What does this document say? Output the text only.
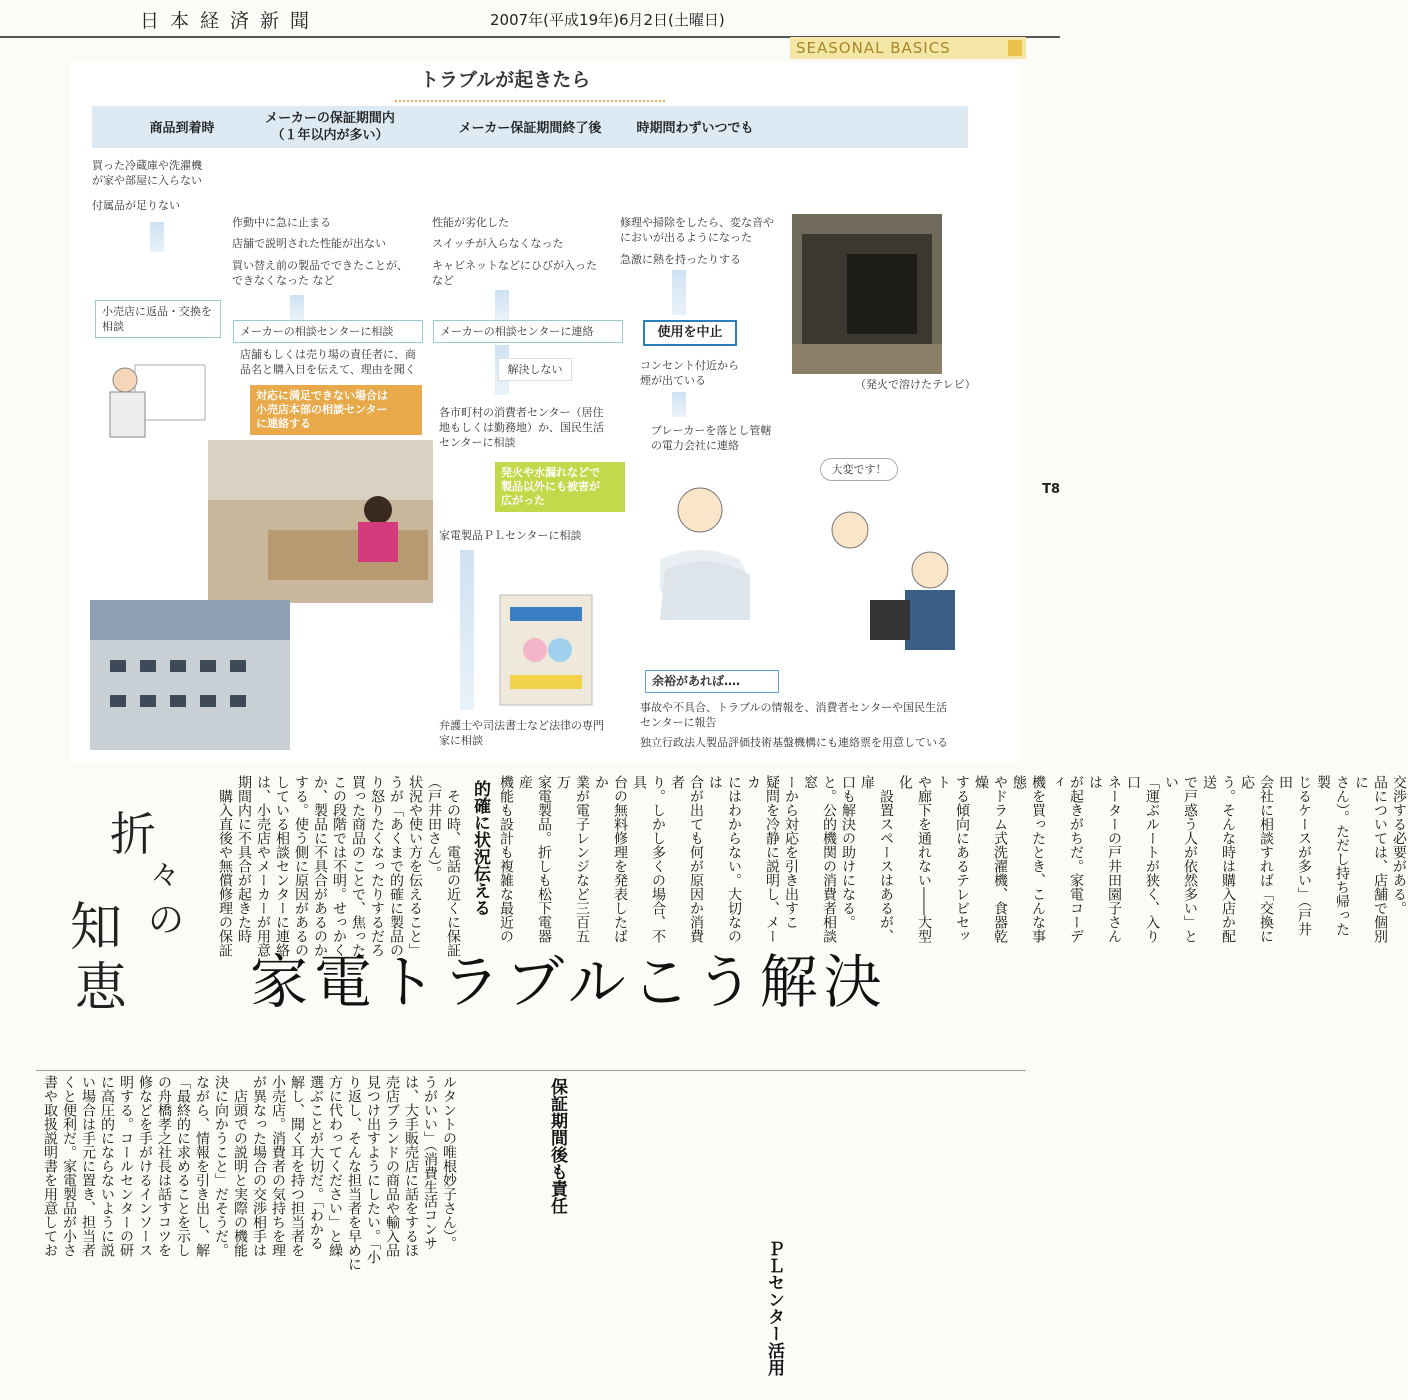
日本経済新聞	2007年(平成19年)6月2日(土曜日)
SEASONAL BASICS
トラブルが起きたら
商品到着時
メーカーの保証期間内
（１年以内が多い）	メーカー保証期間終了後	時期問わずいつでも
買った冷蔵庫や洗濯機
が家や部屋に入らない
付属品が足りない
小売店に返品・交換を
相談
作動中に急に止まる
店舗で説明された性能が出ない
買い替え前の製品でできたことが、
できなくなった など
メーカーの相談センターに相談
店舗もしくは売り場の責任者に、商
品名と購入日を伝えて、理由を聞く
対応に満足できない場合は
小売店本部の相談センター
に連絡する
性能が劣化した
スイッチが入らなくなった
キャビネットなどにひびが入った
など
メーカーの相談センターに連絡
解決しない
各市町村の消費者センター（居住
地もしくは勤務地）か、国民生活
センターに相談
発火や水漏れなどで
製品以外にも被害が
広がった
家電製品ＰＬセンターに相談
弁護士や司法書士など法律の専門
家に相談
修理や掃除をしたら、変な音や
においが出るようになった
急激に熱を持ったりする
使用を中止
コンセント付近から
煙が出ている
ブレーカーを落とし管轄
の電力会社に連絡
（発火で溶けたテレビ）
大変です！
余裕があれば‥‥
事故や不具合、トラブルの情報を、消費者センターや国民生活
センターに報告
独立行政法人製品評価技術基盤機構にも連絡票を用意している
折
々
の
知
恵
　その時、電話の近くに保証
（戸井田さん）。
状況や使い方を伝えること」
うが「あくまで的確に製品の
り怒りたくなったりするだろ
買った商品のことで、焦った
この段階では不明。せっかく
か、製品に不具合があるのか
する。使う側に原因があるの
している相談センターに連絡
は、小売店やメーカーが用意
期間内に不具合が起きた時
　購入直後や無償修理の保証	的確に状況伝える	交渉する必要がある。
品については、店舗で個別に
さん）。ただし持ち帰った製
じるケースが多い」（戸井田
会社に相談すれば「交換に応
う。そんな時は購入店か配送
で戸惑う人が依然多い」とい
「運ぶルートが狭く、入り口
ネーターの戸井田園子さんは
が起きがちだ。家電コーディ
機を買ったとき、こんな事態
やドラム式洗濯機、食器乾燥
する傾向にあるテレビセット
や廊下を通れない――大型化
　設置スペースはあるが、扉
口も解決の助けになる。
と。公的機関の消費者相談窓
ーから対応を引き出すこ
疑問を冷静に説明し、メーカ
にはわからない。大切なのは
合が出ても何が原因か消費者
り。しかし多くの場合、不具
台の無料修理を発表したばか
業が電子レンジなど三百五万
家電製品。折しも松下電器産
機能も設計も複雑な最近の
家電トラブルこう解決
保証期間後も責任
ＰＬセンター活用
ルタントの唯根妙子さん）。
うがいい」（消費生活コンサ
は、大手販売店に話をするほ
売店ブランドの商品や輸入品
見つけ出すようにしたい。「小
り返し、そんな担当者を早めに
方に代わってください」と繰
選ぶことが大切だ。「わかる
解し、聞く耳を持つ担当者を
小売店。消費者の気持ちを理
が異なった場合の交渉相手は
　店頭での説明と実際の機能
決に向かうこと」だそうだ。
ながら、情報を引き出し、解
「最終的に求めることを示し
の舟橋孝之社長は話すコツを
修などを手がけるインソース
明する。コールセンターの研
に高圧的にならないように説
い場合は手元に置き、担当者
くと便利だ。家電製品が小さ
書や取扱説明書を用意してお
T8
